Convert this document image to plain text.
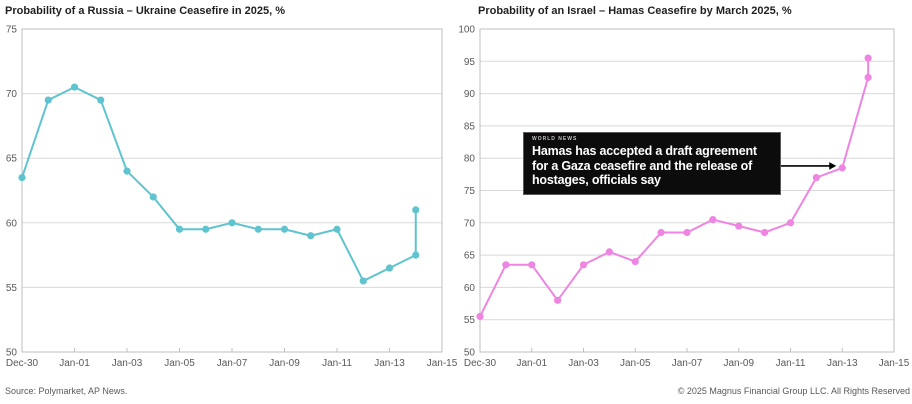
Probability of a Russia – Ukraine Ceasefire in 2025, %
50
55
60
65
70
75
Dec-30 Jan-01 Jan-03 Jan-05 Jan-07 Jan-09 Jan-11 Jan-13 Jan-15
Probability of an Israel – Hamas Ceasefire by March 2025, %
50
55
60
65
70
75
80
85
90
95
100
Dec-30 Jan-01 Jan-03 Jan-05 Jan-07 Jan-09 Jan-11 Jan-13 Jan-15
WORLD NEWS
Hamas has accepted a draft agreement
for a Gaza ceasefire and the release of
hostages, officials say
Source: Polymarket, AP News.	© 2025 Magnus Financial Group LLC. All Rights Reserved
